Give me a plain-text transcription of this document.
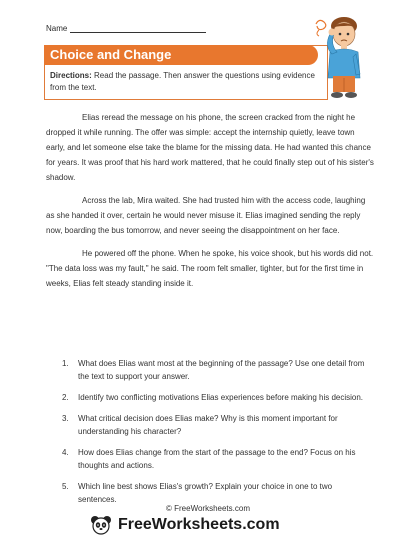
Name
Choice and Change
Directions: Read the passage. Then answer the questions using evidence from the text.

Elias reread the message on his phone, the screen cracked from the night he dropped it while running. The offer was simple: accept the internship quietly, leave town early, and let someone else take the blame for the missing data. He had wanted this chance for years. It was proof that his hard work mattered, that he could finally step out of his sister's shadow.

Across the lab, Mira waited. She had trusted him with the access code, laughing as she handed it over, certain he would never misuse it. Elias imagined sending the reply now, boarding the bus tomorrow, and never seeing the disappointment on her face.

He powered off the phone. When he spoke, his voice shook, but his words did not. "The data loss was my fault," he said. The room felt smaller, tighter, but for the first time in weeks, Elias felt steady standing inside it.

1. What does Elias want most at the beginning of the passage? Use one detail from the text to support your answer.
2. Identify two conflicting motivations Elias experiences before making his decision.
3. What critical decision does Elias make? Why is this moment important for understanding his character?
4. How does Elias change from the start of the passage to the end? Focus on his thoughts and actions.
5. Which line best shows Elias's growth? Explain your choice in one to two sentences.
© FreeWorksheets.com
FreeWorksheets.com
